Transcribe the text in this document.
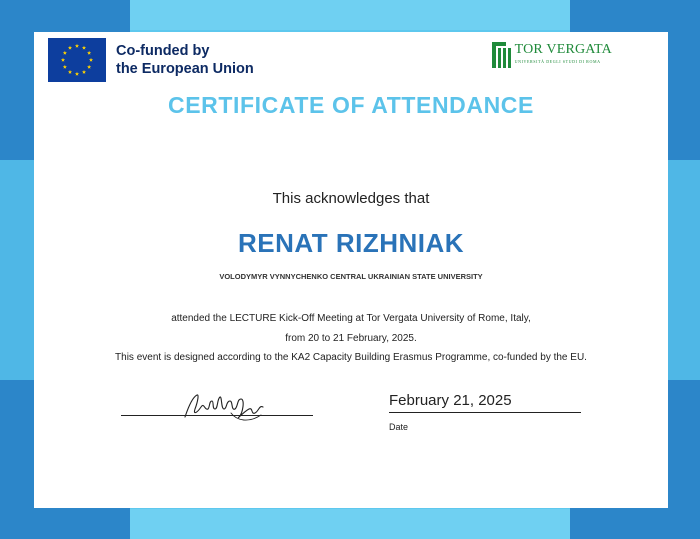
Co-funded by
the European Union
TOR VERGATA
UNIVERSITÀ DEGLI STUDI DI ROMA
CERTIFICATE OF ATTENDANCE
This acknowledges that
RENAT RIZHNIAK
VOLODYMYR VYNNYCHENKO CENTRAL UKRAINIAN STATE UNIVERSITY
attended the LECTURE Kick-Off Meeting at Tor Vergata University of Rome, Italy,
from 20 to 21 February, 2025.
This event is designed according to the KA2 Capacity Building Erasmus Programme, co-funded by the EU.
February 21, 2025
Date
